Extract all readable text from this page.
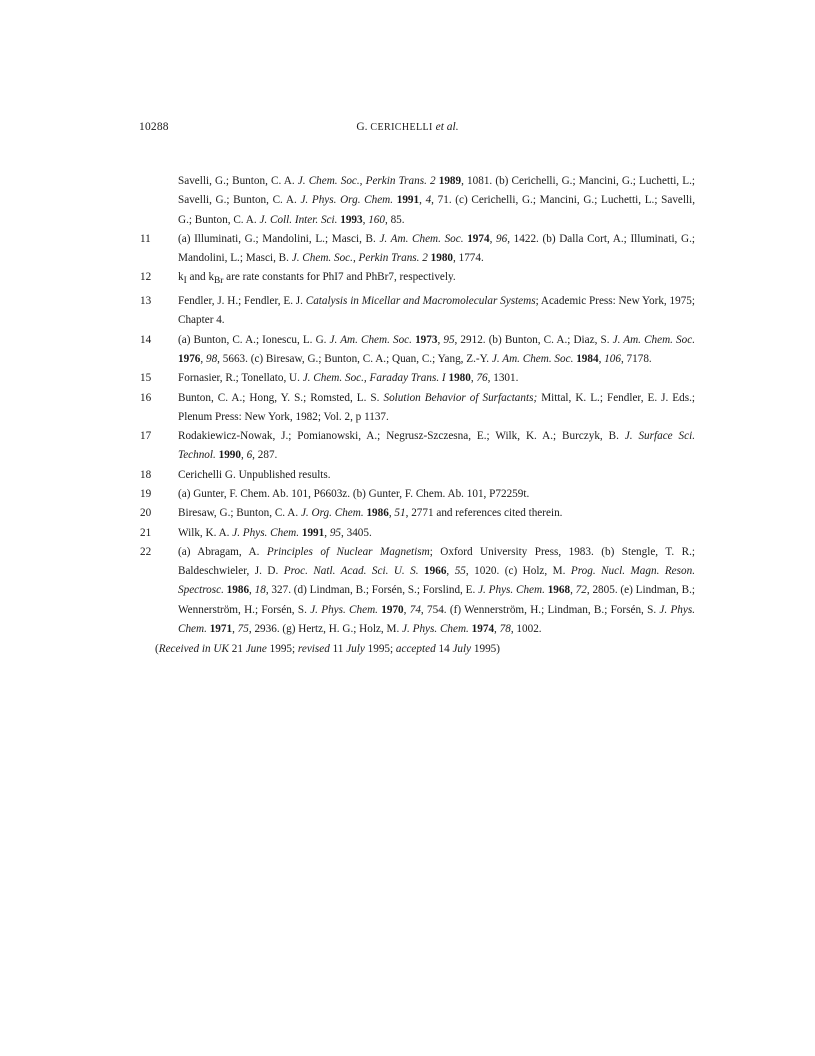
10288	G. CERICHELLI et al.
Savelli, G.; Bunton, C. A. J. Chem. Soc., Perkin Trans. 2 1989, 1081. (b) Cerichelli, G.; Mancini, G.; Luchetti, L.; Savelli, G.; Bunton, C. A. J. Phys. Org. Chem. 1991, 4, 71. (c) Cerichelli, G.; Mancini, G.; Luchetti, L.; Savelli, G.; Bunton, C. A. J. Coll. Inter. Sci. 1993, 160, 85.
11	(a) Illuminati, G.; Mandolini, L.; Masci, B. J. Am. Chem. Soc. 1974, 96, 1422. (b) Dalla Cort, A.; Illuminati, G.; Mandolini, L.; Masci, B. J. Chem. Soc., Perkin Trans. 2 1980, 1774.
12	$k_I$ and $k_{Br}$ are rate constants for PhI7 and PhBr7, respectively.
13	Fendler, J. H.; Fendler, E. J. Catalysis in Micellar and Macromolecular Systems; Academic Press: New York, 1975; Chapter 4.
14	(a) Bunton, C. A.; Ionescu, L. G. J. Am. Chem. Soc. 1973, 95, 2912. (b) Bunton, C. A.; Diaz, S. J. Am. Chem. Soc. 1976, 98, 5663. (c) Biresaw, G.; Bunton, C. A.; Quan, C.; Yang, Z.-Y. J. Am. Chem. Soc. 1984, 106, 7178.
15	Fornasier, R.; Tonellato, U. J. Chem. Soc., Faraday Trans. I 1980, 76, 1301.
16	Bunton, C. A.; Hong, Y. S.; Romsted, L. S. Solution Behavior of Surfactants; Mittal, K. L.; Fendler, E. J. Eds.; Plenum Press: New York, 1982; Vol. 2, p 1137.
17	Rodakiewicz-Nowak, J.; Pomianowski, A.; Negrusz-Szczesna, E.; Wilk, K. A.; Burczyk, B. J. Surface Sci. Technol. 1990, 6, 287.
18	Cerichelli G. Unpublished results.
19	(a) Gunter, F. Chem. Ab. 101, P6603z. (b) Gunter, F. Chem. Ab. 101, P72259t.
20	Biresaw, G.; Bunton, C. A. J. Org. Chem. 1986, 51, 2771 and references cited therein.
21	Wilk, K. A. J. Phys. Chem. 1991, 95, 3405.
22	(a) Abragam, A. Principles of Nuclear Magnetism; Oxford University Press, 1983. (b) Stengle, T. R.; Baldeschwieler, J. D. Proc. Natl. Acad. Sci. U. S. 1966, 55, 1020. (c) Holz, M. Prog. Nucl. Magn. Reson. Spectrosc. 1986, 18, 327. (d) Lindman, B.; Forsén, S.; Forslind, E. J. Phys. Chem. 1968, 72, 2805. (e) Lindman, B.; Wennerström, H.; Forsén, S. J. Phys. Chem. 1970, 74, 754. (f) Wennerström, H.; Lindman, B.; Forsén, S. J. Phys. Chem. 1971, 75, 2936. (g) Hertz, H. G.; Holz, M. J. Phys. Chem. 1974, 78, 1002.
(Received in UK 21 June 1995; revised 11 July 1995; accepted 14 July 1995)
